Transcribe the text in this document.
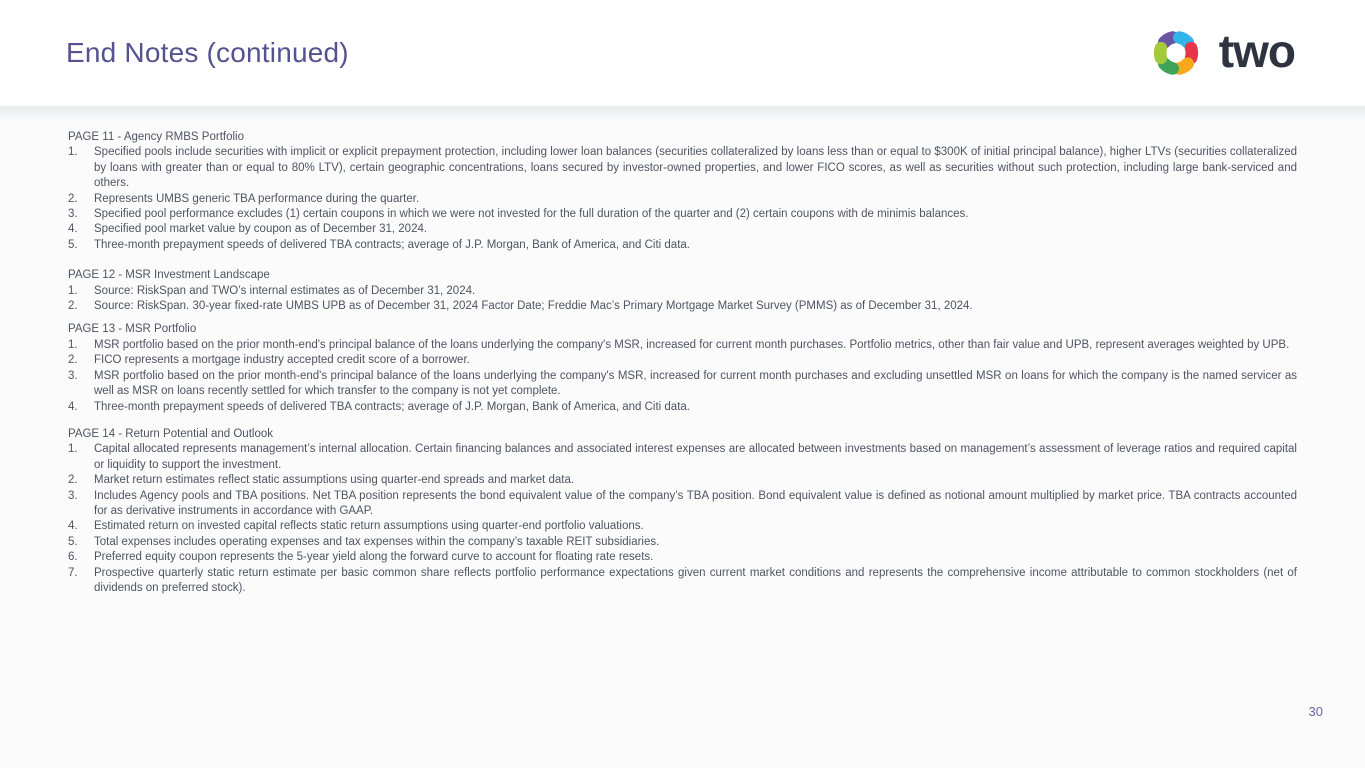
End Notes (continued)	two
PAGE 11 - Agency RMBS Portfolio
1.	Specified pools include securities with implicit or explicit prepayment protection, including lower loan balances (securities collateralized by loans less than or equal to $300K of initial principal balance), higher LTVs (securities collateralized by loans with greater than or equal to 80% LTV), certain geographic concentrations, loans secured by investor-owned properties, and lower FICO scores, as well as securities without such protection, including large bank-serviced and others.
2.	Represents UMBS generic TBA performance during the quarter.
3.	Specified pool performance excludes (1) certain coupons in which we were not invested for the full duration of the quarter and (2) certain coupons with de minimis balances.
4.	Specified pool market value by coupon as of December 31, 2024.
5.	Three-month prepayment speeds of delivered TBA contracts; average of J.P. Morgan, Bank of America, and Citi data.
PAGE 12 - MSR Investment Landscape
1.	Source: RiskSpan and TWO’s internal estimates as of December 31, 2024.
2.	Source: RiskSpan. 30-year fixed-rate UMBS UPB as of December 31, 2024 Factor Date; Freddie Mac’s Primary Mortgage Market Survey (PMMS) as of December 31, 2024.
PAGE 13 - MSR Portfolio
1.	MSR portfolio based on the prior month-end's principal balance of the loans underlying the company's MSR, increased for current month purchases. Portfolio metrics, other than fair value and UPB, represent averages weighted by UPB.
2.	FICO represents a mortgage industry accepted credit score of a borrower.
3.	MSR portfolio based on the prior month-end's principal balance of the loans underlying the company's MSR, increased for current month purchases and excluding unsettled MSR on loans for which the company is the named servicer as well as MSR on loans recently settled for which transfer to the company is not yet complete.
4.	Three-month prepayment speeds of delivered TBA contracts; average of J.P. Morgan, Bank of America, and Citi data.
PAGE 14 - Return Potential and Outlook
1.	Capital allocated represents management’s internal allocation. Certain financing balances and associated interest expenses are allocated between investments based on management’s assessment of leverage ratios and required capital or liquidity to support the investment.
2.	Market return estimates reflect static assumptions using quarter-end spreads and market data.
3.	Includes Agency pools and TBA positions. Net TBA position represents the bond equivalent value of the company’s TBA position. Bond equivalent value is defined as notional amount multiplied by market price. TBA contracts accounted for as derivative instruments in accordance with GAAP.
4.	Estimated return on invested capital reflects static return assumptions using quarter-end portfolio valuations.
5.	Total expenses includes operating expenses and tax expenses within the company’s taxable REIT subsidiaries.
6.	Preferred equity coupon represents the 5-year yield along the forward curve to account for floating rate resets.
7.	Prospective quarterly static return estimate per basic common share reflects portfolio performance expectations given current market conditions and represents the comprehensive income attributable to common stockholders (net of dividends on preferred stock).
30
